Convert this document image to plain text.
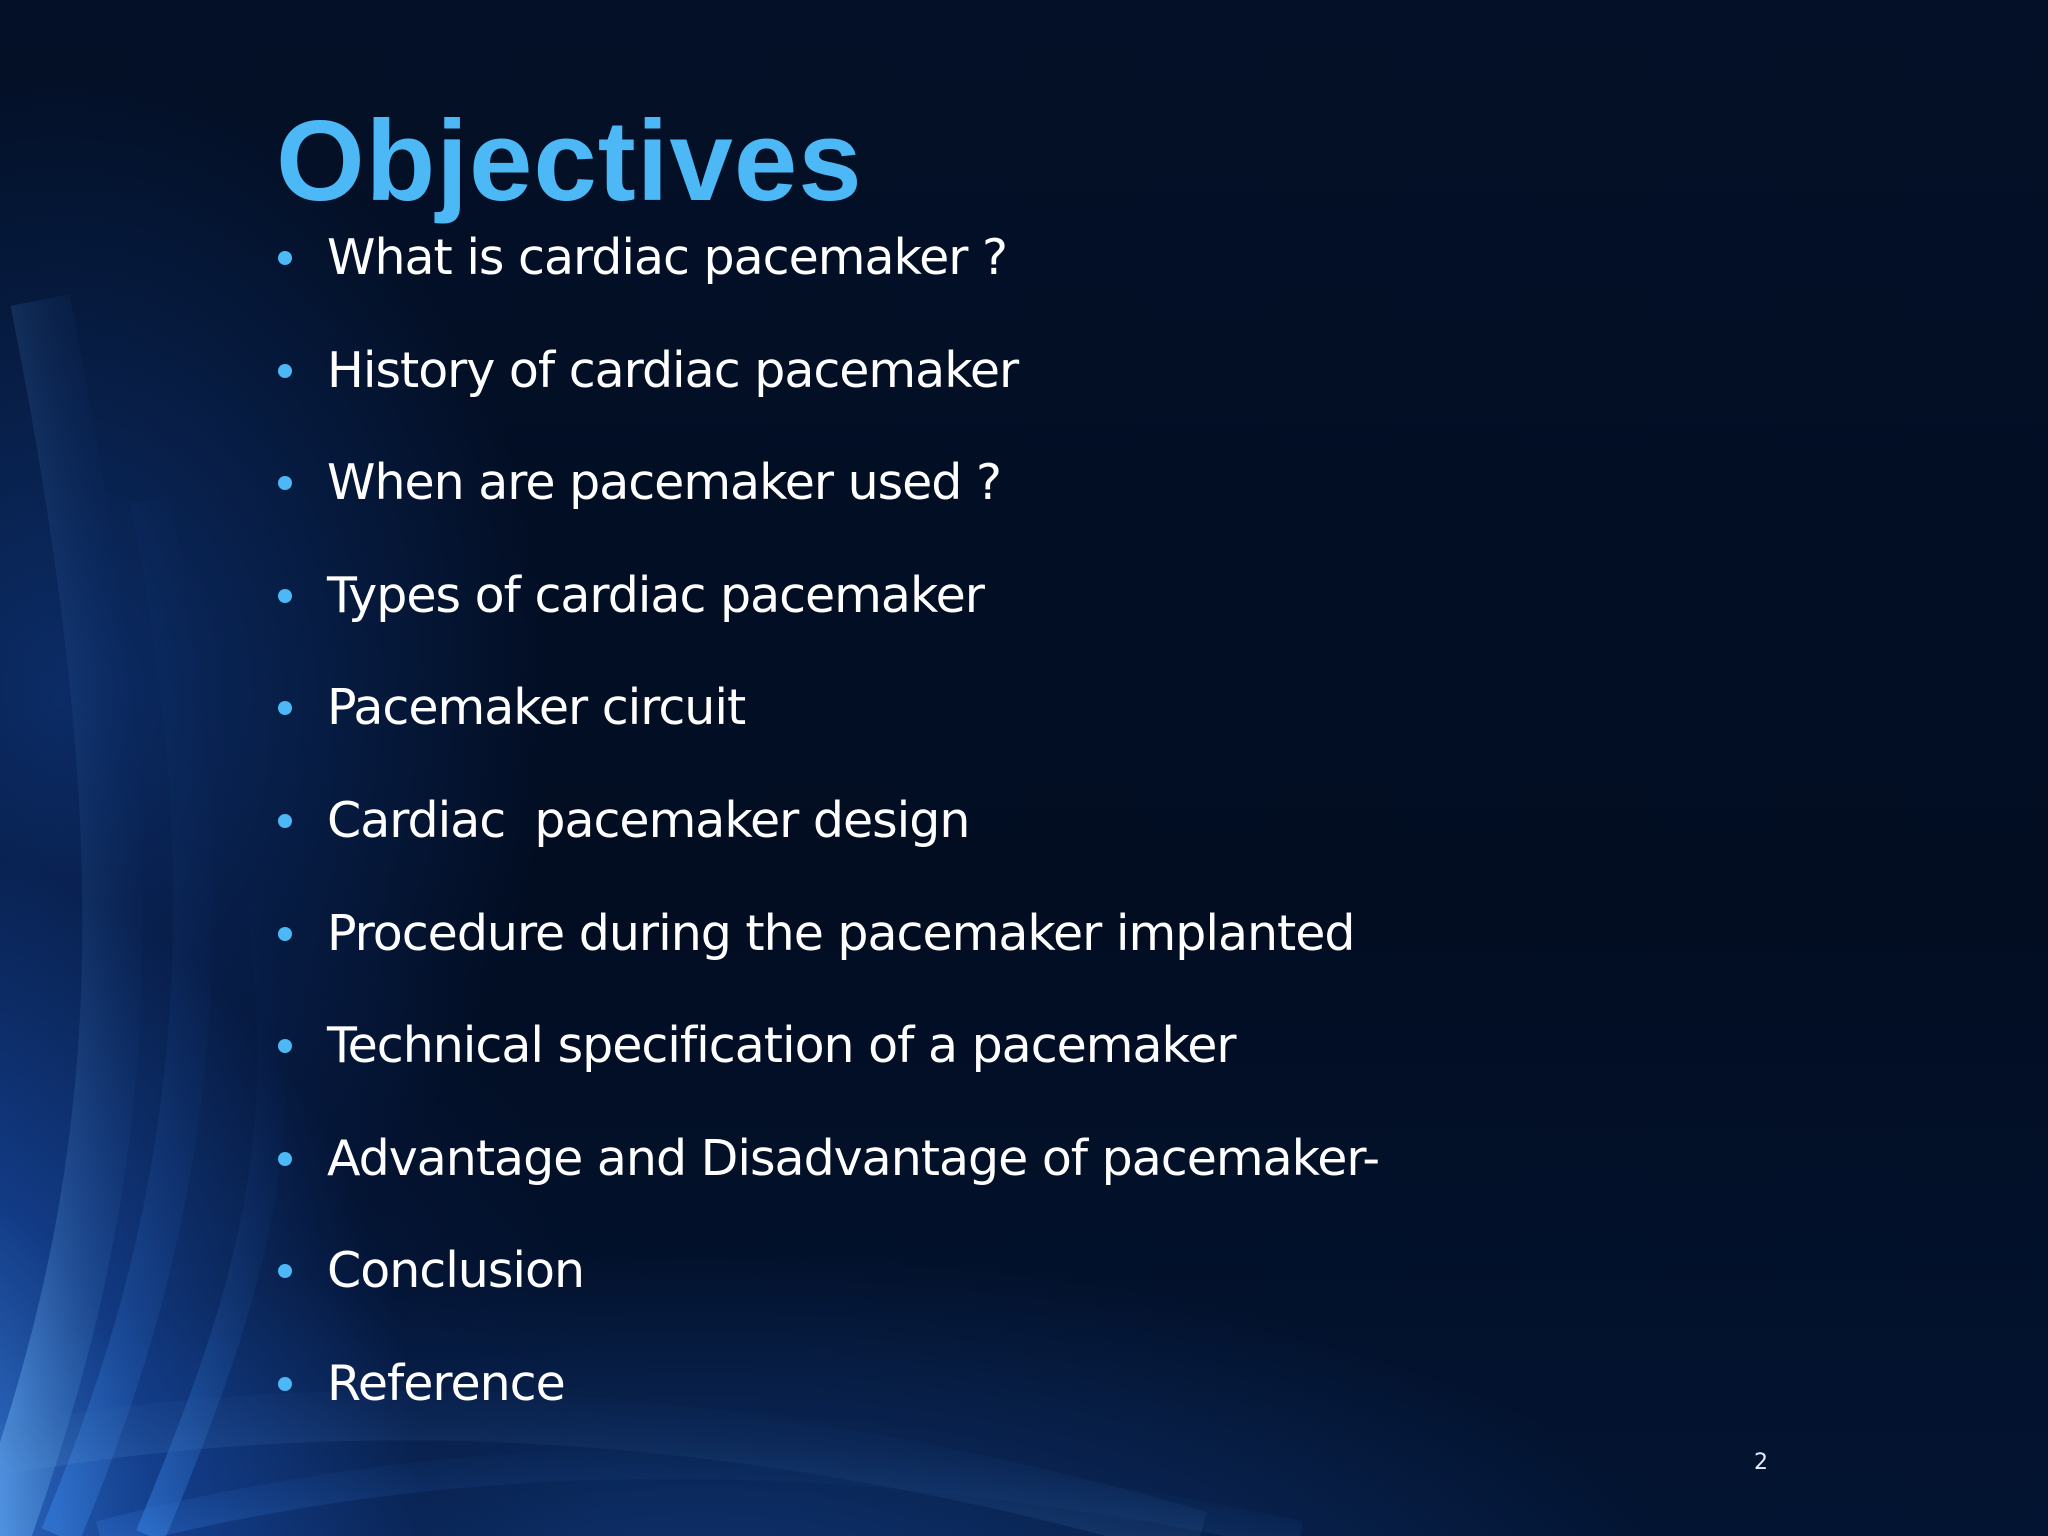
Objectives
What is cardiac pacemaker ?
History of cardiac pacemaker
When are pacemaker used ?
Types of cardiac pacemaker
Pacemaker circuit
Cardiac  pacemaker design
Procedure during the pacemaker implanted
Technical specification of a pacemaker
Advantage and Disadvantage of pacemaker-
Conclusion
Reference
2
